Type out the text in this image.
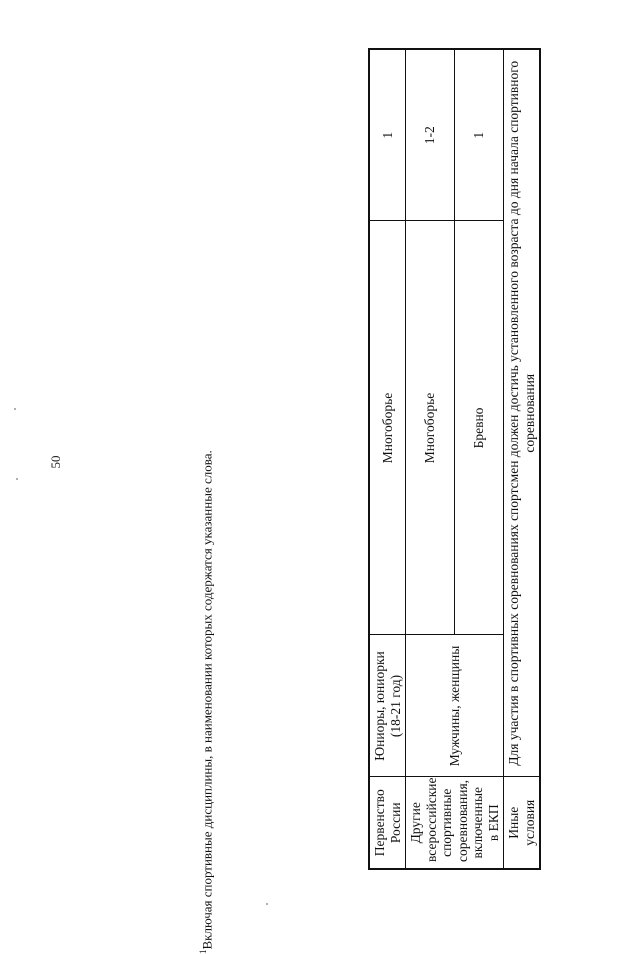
50
Первенство России	Юниоры, юниорки (18-21 год)	Многоборье	1
Другие всероссийские спортивные соревнования, включенные в ЕКП	Мужчины, женщины	Многоборье	1-2
		Бревно	1
Иные условия	Для участия в спортивных соревнованиях спортсмен должен достичь установленного возраста до дня начала спортивного соревнования		
$^1$Включая спортивные дисциплины, в наименовании которых содержатся указанные слова.
